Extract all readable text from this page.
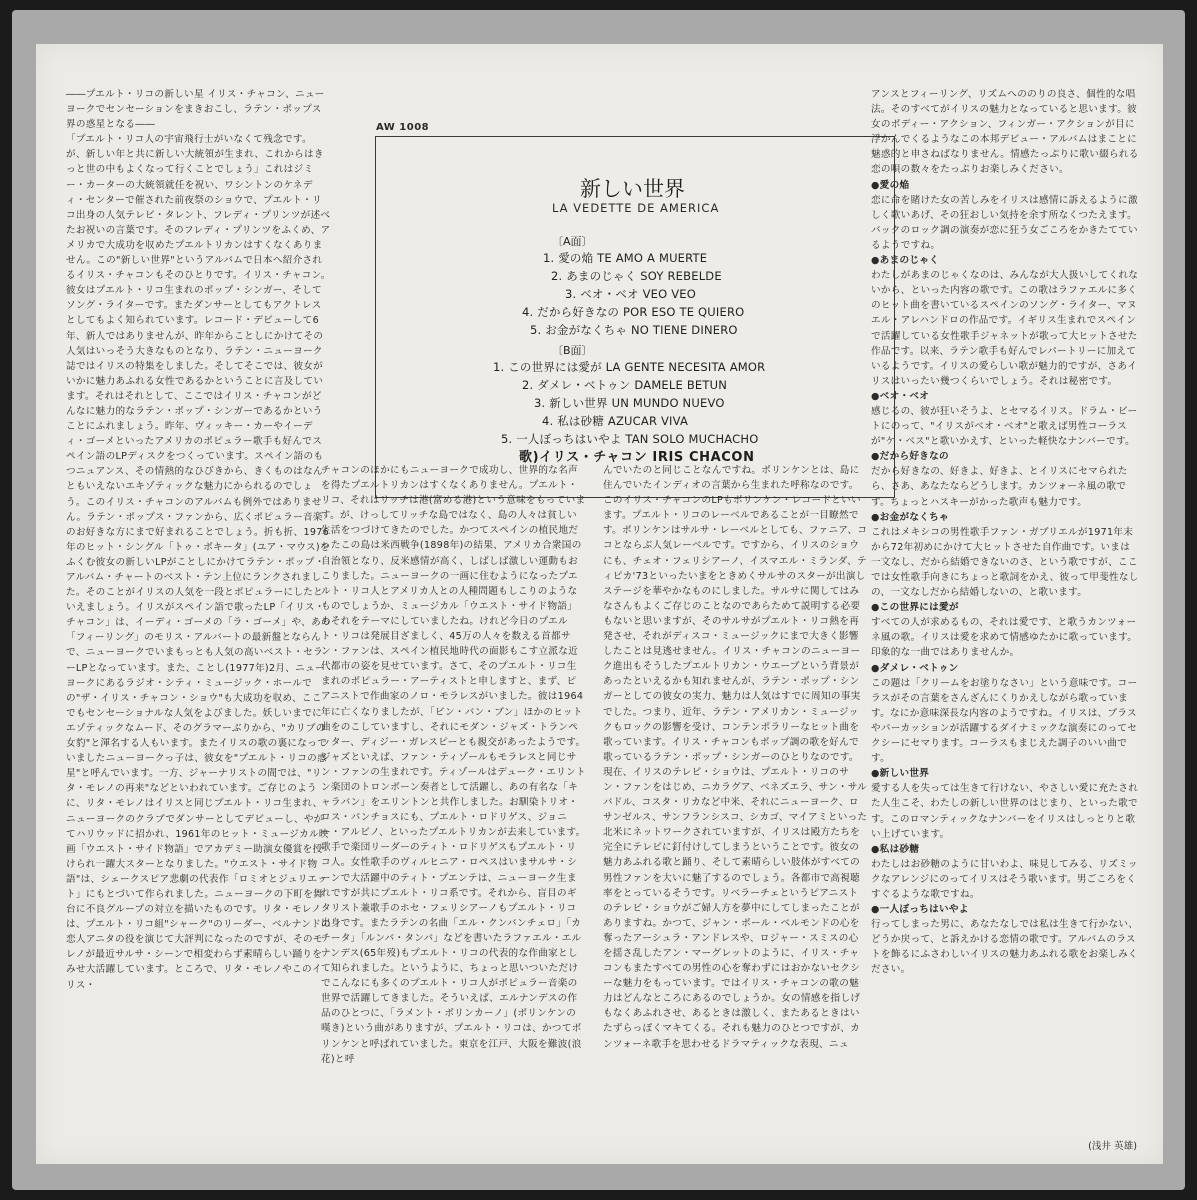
――プエルト・リコの新しい星 イリス・チャコン、ニューヨークでセンセーションをまきおこし、ラテン・ポップス界の惑星となる――

「プエルト・リコ人の宇宙飛行士がいなくて残念です。が、新しい年と共に新しい大統領が生まれ、これからはきっと世の中もよくなって行くことでしょう」これはジミー・カーターの大統領就任を祝い、ワシントンのケネディ・センターで催された前夜祭のショウで、プエルト・リコ出身の人気テレビ・タレント、フレディ・プリンツが述べたお祝いの言葉です。そのフレディ・プリンツをふくめ、アメリカで大成功を収めたプエルトリカンはすくなくありません。この"新しい世界"というアルバムで日本へ紹介されるイリス・チャコンもそのひとりです。イリス・チャコン。彼女はプエルト・リコ生まれのポップ・シンガー、そしてソング・ライターです。またダンサーとしてもアクトレスとしてもよく知られています。レコード・デビューして6年、新人ではありませんが、昨年からことしにかけてその人気はいっそう大きなものとなり、ラテン・ニューヨーク誌ではイリスの特集をしました。そしてそこでは、彼女がいかに魅力あふれる女性であるかということに言及しています。それはそれとして、ここではイリス・チャコンがどんなに魅力的なラテン・ポップ・シンガーであるかということにふれましょう。昨年、ヴィッキー・カーやイーディ・ゴーメといったアメリカのポピュラー歌手も好んでスペイン語のLPディスクをつくっています。スペイン語のもつニュアンス、その情熱的なひびきから、きくものはなんともいえないエキゾティックな魅力にかられるのでしょう。このイリス・チャコンのアルバムも例外ではありません。ラテン・ポップス・ファンから、広くポピュラー音楽のお好きな方にまで好まれることでしょう。折も折、1976年のヒット・シングル「トゥ・ボキータ」(ユア・マウス)をふくむ彼女の新しいLPがことしにかけてラテン・ポップ・アルバム・チャートのベスト・テン上位にランクされました。そのことがイリスの人気を一段とポピュラーにしたといえましょう。イリスがスペイン語で歌ったLP「イリス・チャコン」は、イーディ・ゴーメの「ラ・ゴーメ」や、あの「フィーリング」のモリス・アルバートの最新盤とならんで、ニューヨークでいまもっとも人気の高いベスト・セラーLPとなっています。また、ことし(1977年)2月、ニューヨークにあるラジオ・シティ・ミュージック・ホールでの"ザ・イリス・チャコン・ショウ"も大成功を収め、ここでもセンセーショナルな人気をよびました。妖しいまでにエゾティックなムード、そのグラマーぶりから、"カリブの女豹"と渾名する人もいます。またイリスの歌の裏になっていましたニューヨークっ子は、彼女を"プエルト・リコの惑星"と呼んでいます。一方、ジャーナリストの間では、"リタ・モレノの再来"などといわれています。ご存じのように、リタ・モレノはイリスと同じプエルト・リコ生まれ、ニューヨークのクラブでダンサーとしてデビューし、やがてハリウッドに招かれ、1961年のヒット・ミュージカル映画「ウエスト・サイド物語」でアカデミー助演女優賞を授けられ一躍大スターとなりました。"ウエスト・サイド物語"は、シェークスピア悲劇の代表作「ロミオとジュリエット」にもとづいて作られました。ニューヨークの下町を舞台に不良グループの対立を描いたものです。リタ・モレノは、プエルト・リコ組"シャーク"のリーダー、ベルナンドの恋人アニタの役を演じて大評判になったのですが、そのモレノが最近サルサ・シーンで相変わらず素晴らしい踊りをみせ大活躍しています。ところで、リタ・モレノやこのイリス・

AW 1008
新しい世界
LA VEDETTE DE AMERICA
〔A面〕
1. 愛の焔 TE AMO A MUERTE
2. あまのじゃく SOY REBELDE
3. ベオ・ベオ VEO VEO
4. だから好きなの POR ESO TE QUIERO
5. お金がなくちゃ NO TIENE DINERO
〔B面〕
1. この世界には愛が LA GENTE NECESITA AMOR
2. ダメレ・ベトゥン DAMELE BETUN
3. 新しい世界 UN MUNDO NUEVO
4. 私は砂糖 AZUCAR VIVA
5. 一人ぼっちはいやよ TAN SOLO MUCHACHO
歌)イリス・チャコン IRIS CHACON

チャコンのほかにもニューヨークで成功し、世界的な名声を得たプエルトリカンはすくなくありません。プエルト・リコ、それはリッチは港(富める港)という意味をもっています。が、けっしてリッチな島ではなく、島の人々は貧しい生活をつづけてきたのでした。かつてスペインの植民地だったこの島は米西戦争(1898年)の結果、アメリカ合衆国の自治領となり、反米感情が高く、しばしば激しい運動もおこりました。ニューヨークの一画に住むようになったプエルト・リコ人とアメリカ人との人種問題もしこりのようなものでしょうか、ミュージカル「ウエスト・サイド物語」もそれをテーマにしていましたね。けれど今日のプエルト・リコは発展目ざましく、45万の人々を数える首都サン・ファンは、スペイン植民地時代の面影もこす立派な近代都市の姿を見せています。さて、そのプエルト・リコ生まれのポピュラー・アーティストと申しますと、まず、ピアニストで作曲家のノロ・モラレスがいました。彼は1964年に亡くなりましたが、「ビン・バン・ブン」ほかのヒット曲をのこしていますし、それにモダン・ジャズ・トランペッター、ディジー・ガレスピーとも親交があったようです。ジャズといえば、ファン・ティゾールもモラレスと同じサン・ファンの生まれです。ティゾールはデューク・エリントン楽団のトロンボーン奏者として活躍し、あの有名な「キャラバン」をエリントンと共作しました。お馴染トリオ・ロス・パンチョスにも、プエルト・ロドリゲス、ジョニー・アルビノ、といったプエルトリカンが去来しています。歌手で楽団リーダーのティト・ロドリゲスもプエルト・リコ人。女性歌手のヴィルヒニア・ロペスはいまサルサ・シーンで大活躍中のティト・プエンテは、ニューヨーク生まれですが共にプエルト・リコ系です。それから、盲目のギタリスト兼歌手のホセ・フェリシアーノもプエルト・リコ出身です。またラテンの名曲「エル・クンバンチェロ」「カチータ」「ルンバ・タンバ」などを書いたラファエル・エルナンデス(65年歿)もプエルト・リコの代表的な作曲家として知られました。というように、ちょっと思いついただけでこんなにも多くのプエルト・リコ人がポピュラー音楽の世界で活躍してきました。そういえば、エルナンデスの作品のひとつに、「ラメント・ボリンカーノ」(ボリンケンの嘆き)という曲がありますが、プエルト・リコは、かつてボリンケンと呼ばれていました。東京を江戸、大阪を難波(浪花)と呼

んでいたのと同じことなんですね。ボリンケンとは、島に住んでいたインディオの言葉から生まれた呼称なのです。このイリス・チャコンのLPもボリンケン・レコードといいます。プエルト・リコのレーベルであることが一目瞭然です。ボリンケンはサルサ・レーベルとしても、ファニア、ココとならぶ人気レーベルです。ですから、イリスのショウにも、チェオ・フェリシアーノ、イスマエル・ミランダ、ティピカ'73といったいまをときめくサルサのスターが出演しステージを華やかなものにしました。サルサに関してはみなさんもよくご存じのことなのであらためて説明する必要もないと思いますが、そのサルサがプエルト・リコ熱を再発させ、それがディスコ・ミュージックにまで大きく影響したことは見逃せません。イリス・チャコンのニューヨーク進出もそうしたプエルトリカン・ウエーブという背景があったといえるかも知れませんが、ラテン・ポップ・シンガーとしての彼女の実力、魅力は人気はすでに周知の事実でした。つまり、近年、ラテン・アメリカン・ミュージックもロックの影響を受け、コンテンポラリーなヒット曲を歌っています。イリス・チャコンもポップ調の歌を好んで歌っているラテン・ポップ・シンガーのひとりなのです。現在、イリスのテレビ・ショウは、プエルト・リコのサン・ファンをはじめ、ニカラグア、ベネズエラ、サン・サルバドル、コスタ・リカなど中米、それにニューヨーク、ロサンゼルス、サンフランシスコ、シカゴ、マイアミといった北米にネットワークされていますが、イリスは殿方たちを完全にテレビに釘付けしてしまうということです。彼女の魅力あふれる歌と踊り、そして素晴らしい肢体がすべての男性ファンを大いに魅了するのでしょう。各都市で高視聴率をとっているそうです。リベラーチェというピアニストのテレビ・ショウがご婦人方を夢中にしてしまったことがありますね。かつて、ジャン・ポール・ベルモンドの心を奪ったアーシュラ・アンドレスや、ロジャー・スミスの心を揺さ乱したアン・マーグレットのように、イリス・チャコンもまたすべての男性の心を奪わずにはおかないセクシーな魅力をもっています。ではイリス・チャコンの歌の魅力はどんなところにあるのでしょうか。女の情感を指しげもなくあふれさせ、あるときは激しく、またあるときはいたずらっぽくマキてくる。それも魅力のひとつですが、カンツォーネ歌手を思わせるドラマティックな表現、ニュ

アンスとフィーリング、リズムへののりの良さ、個性的な唱法。そのすべてがイリスの魅力となっていると思います。彼女のボディー・アクション、フィンガー・アクションが目に浮かんでくるようなこの本邦デビュー・アルバムはまことに魅惑的と申さねばなりません。情感たっぷりに歌い綴られる恋の唄の数々をたっぷりお楽しみください。

●愛の焔

恋に命を賭けた女の苦しみをイリスは感情に訴えるように激しく歌いあげ、その狂おしい気持を余す所なくつたえます。バックのロック調の演奏が恋に狂う女ごころをかきたてているようですね。

●あまのじゃく

わたしがあまのじゃくなのは、みんなが大人扱いしてくれないから、といった内容の歌です。この歌はラファエルに多くのヒット曲を書いているスペインのソング・ライター、マヌエル・アレハンドロの作品です。イギリス生まれでスペインで活躍している女性歌手ジャネットが歌って大ヒットさせた作品です。以来、ラテン歌手も好んでレパートリーに加えているようです。イリスの愛らしい歌が魅力的ですが、さあイリスはいったい幾つくらいでしょう。それは秘密です。

●ベオ・ベオ

感じるの、彼が狂いそうよ、とセマるイリス。ドラム・ビートにのって、"イリスがベオ・ベオ"と歌えば男性コーラスが"ケ・ベス"と歌いかえす、といった軽快なナンバーです。

●だから好きなの

だから好きなの、好きよ、好きよ、とイリスにセマられたら、さあ、あなたならどうします。カンツォーネ風の歌です。ちょっとハスキーがかった歌声も魅力です。

●お金がなくちゃ

これはメキシコの男性歌手ファン・ガブリエルが1971年末から72年初めにかけて大ヒットさせた自作曲です。いまは一文なし、だから結婚できないのさ、という歌ですが、ここでは女性歌手向きにちょっと歌詞をかえ、彼って甲斐性なしの、一文なしだから結婚しないの、と歌います。

●この世界には愛が

すべての人が求めるもの、それは愛です、と歌うカンツォーネ風の歌。イリスは愛を求めて情感ゆたかに歌っています。印象的な一曲ではありませんか。

●ダメレ・ベトゥン

この題は「クリームをお塗りなさい」という意味です。コーラスがその言葉をさんざんにくりかえしながら歌っています。なにか意味深長な内容のようですね。イリスは、ブラスやパーカッションが活躍するダイナミックな演奏にのってセクシーにセマります。コーラスもまじえた調子のいい曲です。

●新しい世界

愛する人を失っては生きて行けない、やさしい愛に充たされた人生こそ、わたしの新しい世界のはじまり、といった歌です。このロマンティックなナンバーをイリスはしっとりと歌い上げています。

●私は砂糖

わたしはお砂糖のように甘いわよ、味見してみる、リズミックなアレンジにのってイリスはそう歌います。男ごころをくすぐるような歌ですね。

●一人ぼっちはいやよ

行ってしまった男に、あなたなしでは私は生きて行かない、どうか戻って、と訴えかける恋情の歌です。アルバムのラストを飾るにふさわしいイリスの魅力あふれる歌をお楽しみください。

(浅井 英雄)
